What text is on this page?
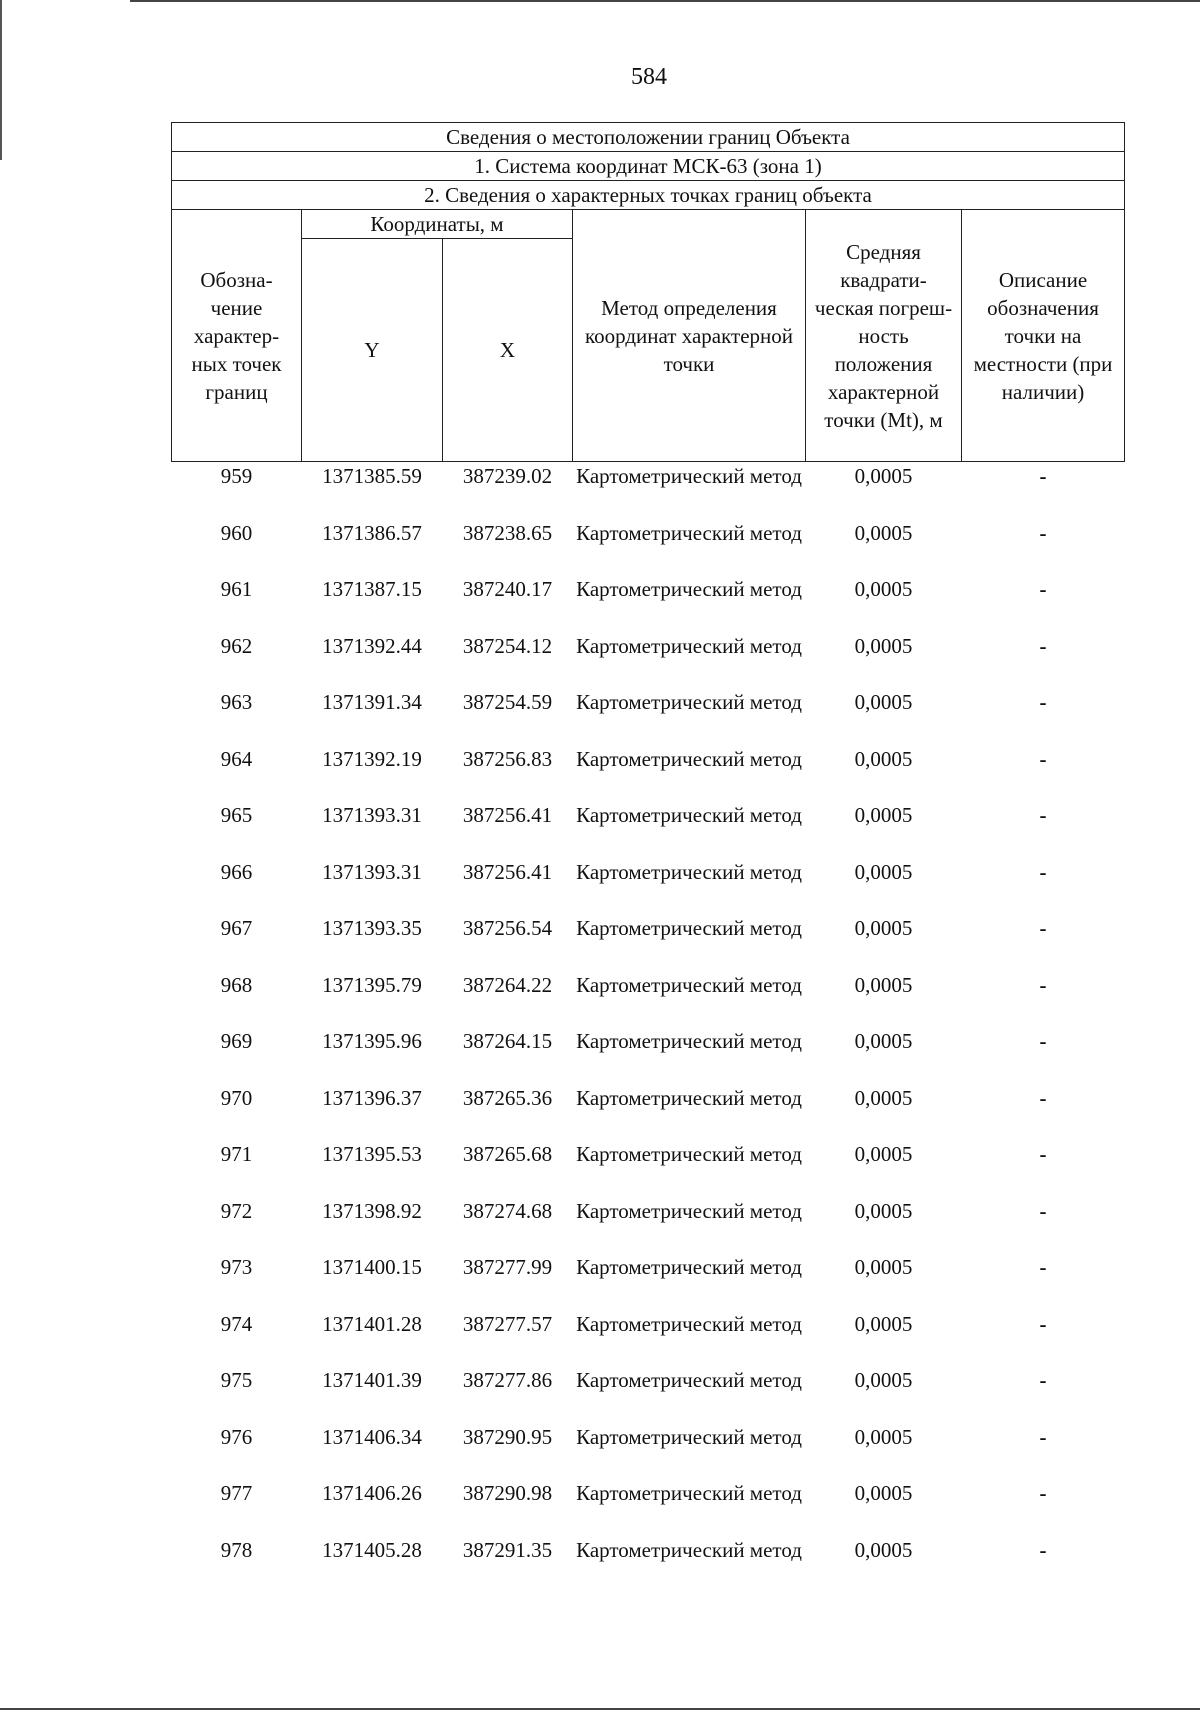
584
Сведения о местоположении границ Объекта					
1. Система координат МСК-63 (зона 1)					
2. Сведения о характерных точках границ объекта					
Обозна- чение характер- ных точек границ	Координаты, м		Метод определения координат характерной точки	Средняя квадрати- ческая погреш- ность положения характерной точки (Mt), м	Описание обозначения точки на местности (при наличии)
	Y	X			
959	1371385.59	387239.02	Картометрический метод	0,0005	-
960	1371386.57	387238.65	Картометрический метод	0,0005	-
961	1371387.15	387240.17	Картометрический метод	0,0005	-
962	1371392.44	387254.12	Картометрический метод	0,0005	-
963	1371391.34	387254.59	Картометрический метод	0,0005	-
964	1371392.19	387256.83	Картометрический метод	0,0005	-
965	1371393.31	387256.41	Картометрический метод	0,0005	-
966	1371393.31	387256.41	Картометрический метод	0,0005	-
967	1371393.35	387256.54	Картометрический метод	0,0005	-
968	1371395.79	387264.22	Картометрический метод	0,0005	-
969	1371395.96	387264.15	Картометрический метод	0,0005	-
970	1371396.37	387265.36	Картометрический метод	0,0005	-
971	1371395.53	387265.68	Картометрический метод	0,0005	-
972	1371398.92	387274.68	Картометрический метод	0,0005	-
973	1371400.15	387277.99	Картометрический метод	0,0005	-
974	1371401.28	387277.57	Картометрический метод	0,0005	-
975	1371401.39	387277.86	Картометрический метод	0,0005	-
976	1371406.34	387290.95	Картометрический метод	0,0005	-
977	1371406.26	387290.98	Картометрический метод	0,0005	-
978	1371405.28	387291.35	Картометрический метод	0,0005	-
